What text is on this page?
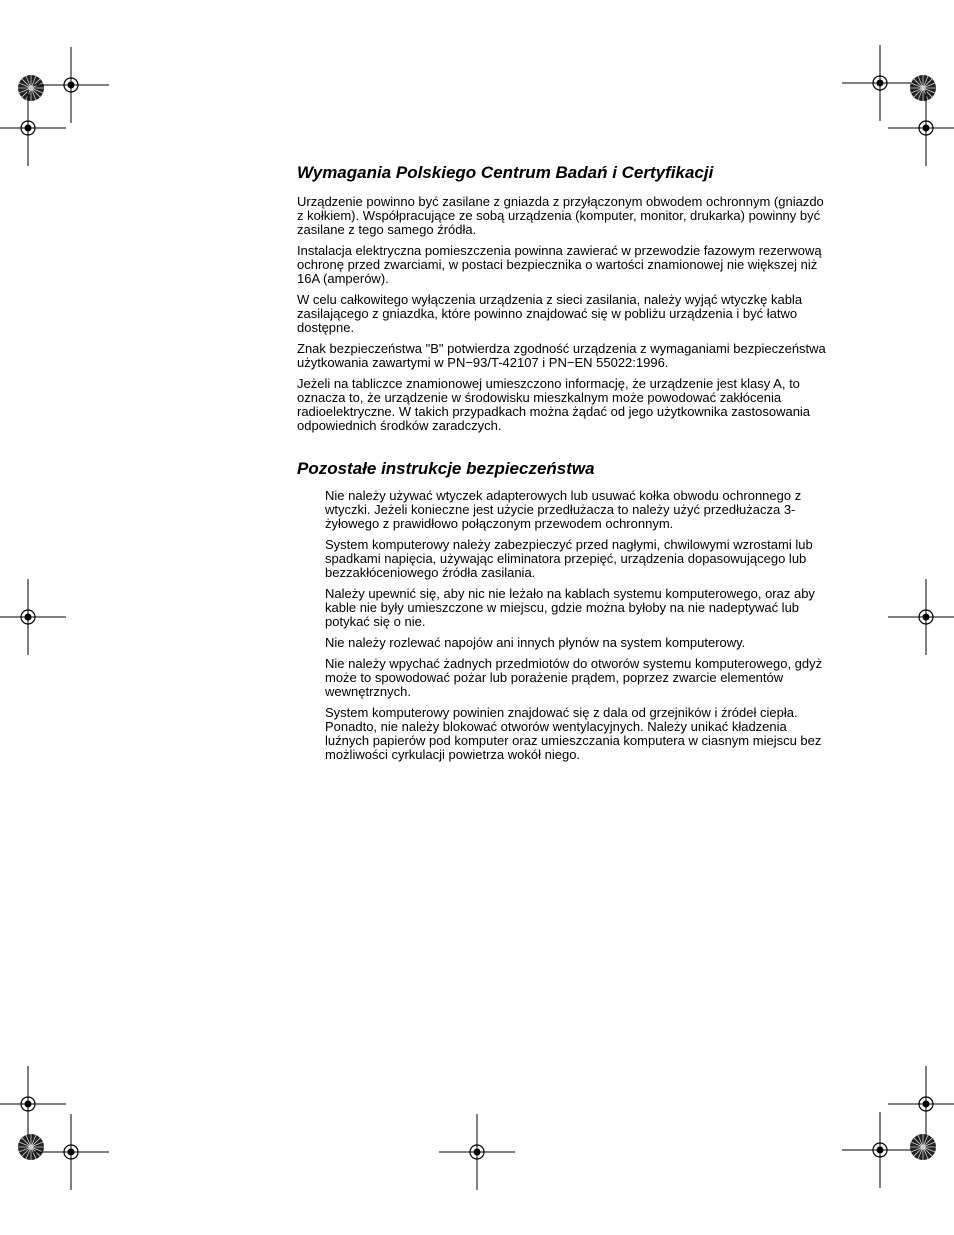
Wymagania Polskiego Centrum Badań i Certyfikacji

Urządzenie powinno być zasilane z gniazda z przyłączonym obwodem ochronnym (gniazdo z kołkiem). Współpracujące ze sobą urządzenia (komputer, monitor, drukarka) powinny być zasilane z tego samego źródła.

Instalacja elektryczna pomieszczenia powinna zawierać w przewodzie fazowym rezerwową ochronę przed zwarciami, w postaci bezpiecznika o wartości znamionowej nie większej niż 16A (amperów).

W celu całkowitego wyłączenia urządzenia z sieci zasilania, należy wyjąć wtyczkę kabla zasilającego z gniazdka, które powinno znajdować się w pobliżu urządzenia i być łatwo dostępne.

Znak bezpieczeństwa "B" potwierdza zgodność urządzenia z wymaganiami bezpieczeństwa użytkowania zawartymi w PN−93/T-42107 i PN−EN 55022:1996.

Jeżeli na tabliczce znamionowej umieszczono informację, że urządzenie jest klasy A, to oznacza to, że urządzenie w środowisku mieszkalnym może powodować zakłócenia radioelektryczne. W takich przypadkach można żądać od jego użytkownika zastosowania odpowiednich środków zaradczych.

Pozostałe instrukcje bezpieczeństwa

Nie należy używać wtyczek adapterowych lub usuwać kołka obwodu ochronnego z wtyczki. Jeżeli konieczne jest użycie przedłużacza to należy użyć przedłużacza 3-żyłowego z prawidłowo połączonym przewodem ochronnym.

System komputerowy należy zabezpieczyć przed nagłymi, chwilowymi wzrostami lub spadkami napięcia, używając eliminatora przepięć, urządzenia dopasowującego lub bezzakłóceniowego źródła zasilania.

Należy upewnić się, aby nic nie leżało na kablach systemu komputerowego, oraz aby kable nie były umieszczone w miejscu, gdzie można byłoby na nie nadeptywać lub potykać się o nie.

Nie należy rozlewać napojów ani innych płynów na system komputerowy.

Nie należy wpychać żadnych przedmiotów do otworów systemu komputerowego, gdyż może to spowodować pożar lub porażenie prądem, poprzez zwarcie elementów wewnętrznych.

System komputerowy powinien znajdować się z dala od grzejników i źródeł ciepła. Ponadto, nie należy blokować otworów wentylacyjnych. Należy unikać kładzenia luźnych papierów pod komputer oraz umieszczania komputera w ciasnym miejscu bez możliwości cyrkulacji powietrza wokół niego.
